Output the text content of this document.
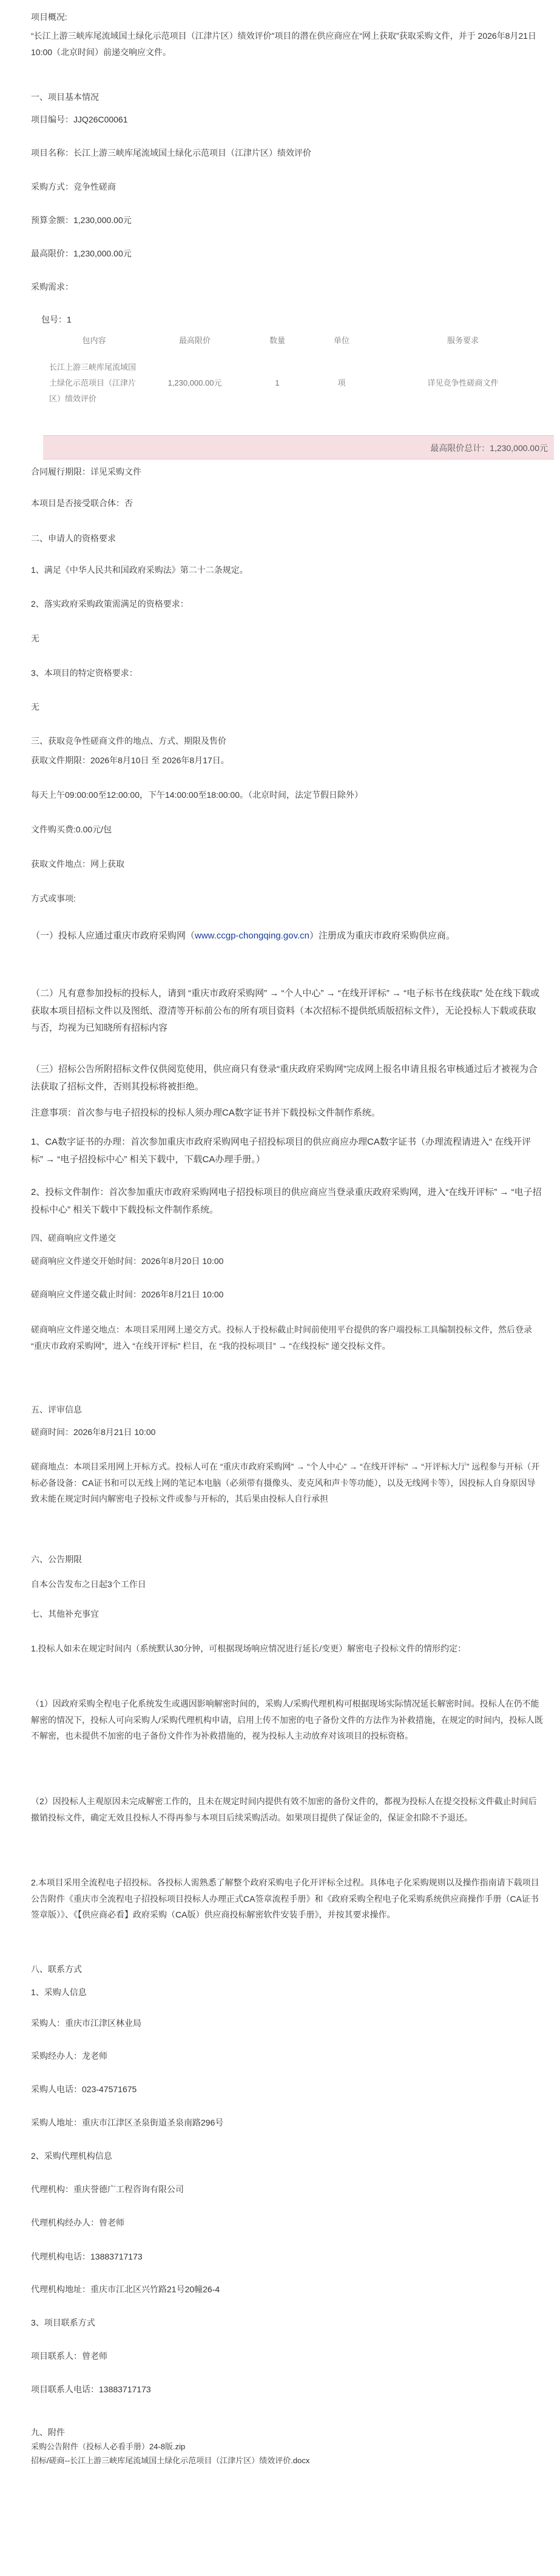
项目概况:
“长江上游三峡库尾流域国土绿化示范项目（江津片区）绩效评价”项目的潜在供应商应在“网上获取”获取采购文件，并于 2026年8月21日 10:00（北京时间）前递交响应文件。
一、项目基本情况
项目编号：JJQ26C00061
项目名称：长江上游三峡库尾流域国土绿化示范项目（江津片区）绩效评价
采购方式：竞争性磋商
预算金额：1,230,000.00元
最高限价：1,230,000.00元
采购需求：
包号：1
包内容	最高限价	数量	单位	服务要求
长江上游三峡库尾流域国土绿化示范项目（江津片区）绩效评价	1,230,000.00元	1	项	详见竞争性磋商文件
最高限价总计：1,230,000.00元
合同履行期限：详见采购文件
本项目是否接受联合体：否
二、申请人的资格要求
1、满足《中华人民共和国政府采购法》第二十二条规定。
2、落实政府采购政策需满足的资格要求：
无
3、本项目的特定资格要求：
无
三、获取竞争性磋商文件的地点、方式、期限及售价
获取文件期限：2026年8月10日 至 2026年8月17日。
每天上午09:00:00至12:00:00，下午14:00:00至18:00:00。（北京时间，法定节假日除外）
文件购买费:0.00元/包
获取文件地点：网上获取
方式或事项:
（一）投标人应通过重庆市政府采购网（www.ccgp-chongqing.gov.cn）注册成为重庆市政府采购供应商。
（二）凡有意参加投标的投标人，请到 “重庆市政府采购网” → “个人中心” → “在线开评标” → “电子标书在线获取” 处在线下载或获取本项目招标文件以及图纸、澄清等开标前公布的所有项目资料（本次招标不提供纸质版招标文件），无论投标人下载或获取与否，均视为已知晓所有招标内容
（三）招标公告所附招标文件仅供阅览使用，供应商只有登录“重庆政府采购网”完成网上报名申请且报名审核通过后才被视为合法获取了招标文件，否则其投标将被拒绝。
注意事项：首次参与电子招投标的投标人须办理CA数字证书并下载投标文件制作系统。
1、CA数字证书的办理：首次参加重庆市政府采购网电子招投标项目的供应商应办理CA数字证书（办理流程请进入“ 在线开评标” → “电子招投标中心” 相关下载中，下载CA办理手册。）
2、投标文件制作：首次参加重庆市政府采购网电子招投标项目的供应商应当登录重庆政府采购网，进入“在线开评标” → “电子招投标中心” 相关下载中下载投标文件制作系统。
四、磋商响应文件递交
磋商响应文件递交开始时间：2026年8月20日 10:00
磋商响应文件递交截止时间：2026年8月21日 10:00
磋商响应文件递交地点：本项目采用网上递交方式。投标人于投标截止时间前使用平台提供的客户端投标工具编制投标文件，然后登录 “重庆市政府采购网”，进入 “在线开评标” 栏目，在 “我的投标项目” → “在线投标” 递交投标文件。
五、评审信息
磋商时间：2026年8月21日 10:00
磋商地点：本项目采用网上开标方式。投标人可在 “重庆市政府采购网” → “个人中心” → “在线开评标” → “开评标大厅” 远程参与开标（开标必备设备：CA证书和可以无线上网的笔记本电脑（必须带有摄像头、麦克风和声卡等功能），以及无线网卡等），因投标人自身原因导致未能在规定时间内解密电子投标文件或参与开标的，其后果由投标人自行承担
六、公告期限
自本公告发布之日起3个工作日
七、其他补充事宜
1.投标人如未在规定时间内（系统默认30分钟，可根据现场响应情况进行延长/变更）解密电子投标文件的情形约定：
（1）因政府采购全程电子化系统发生或遇因影响解密时间的，采购人/采购代理机构可根据现场实际情况延长解密时间。投标人在仍不能解密的情况下，投标人可向采购人/采购代理机构申请，启用上传不加密的电子备份文件的方法作为补救措施，在规定的时间内，投标人既不解密，也未提供不加密的电子备份文件作为补救措施的，视为投标人主动放弃对该项目的投标资格。
（2）因投标人主观原因未完成解密工作的，且未在规定时间内提供有效不加密的备份文件的，都视为投标人在提交投标文件截止时间后撤销投标文件，确定无效且投标人不得再参与本项目后续采购活动。如果项目提供了保证金的，保证金扣除不予退还。
2.本项目采用全流程电子招投标。各投标人需熟悉了解整个政府采购电子化开评标全过程。具体电子化采购规则以及操作指南请下载项目公告附件《重庆市全流程电子招投标项目投标人办理正式CA签章流程手册》和《政府采购全程电子化采购系统供应商操作手册（CA证书签章版）》、《【供应商必看】政府采购（CA版）供应商投标解密软件安装手册》，并按其要求操作。
八、联系方式
1、采购人信息
采购人：重庆市江津区林业局
采购经办人：龙老师
采购人电话：023-47571675
采购人地址：重庆市江津区圣泉街道圣泉南路296号
2、采购代理机构信息
代理机构：重庆誉德广工程咨询有限公司
代理机构经办人：曾老师
代理机构电话：13883717173
代理机构地址：重庆市江北区兴竹路21号20幢26-4
3、项目联系方式
项目联系人：曾老师
项目联系人电话：13883717173
九、附件
采购公告附件（投标人必看手册）24-8版.zip
招标/磋商--长江上游三峡库尾流域国土绿化示范项目（江津片区）绩效评价.docx
